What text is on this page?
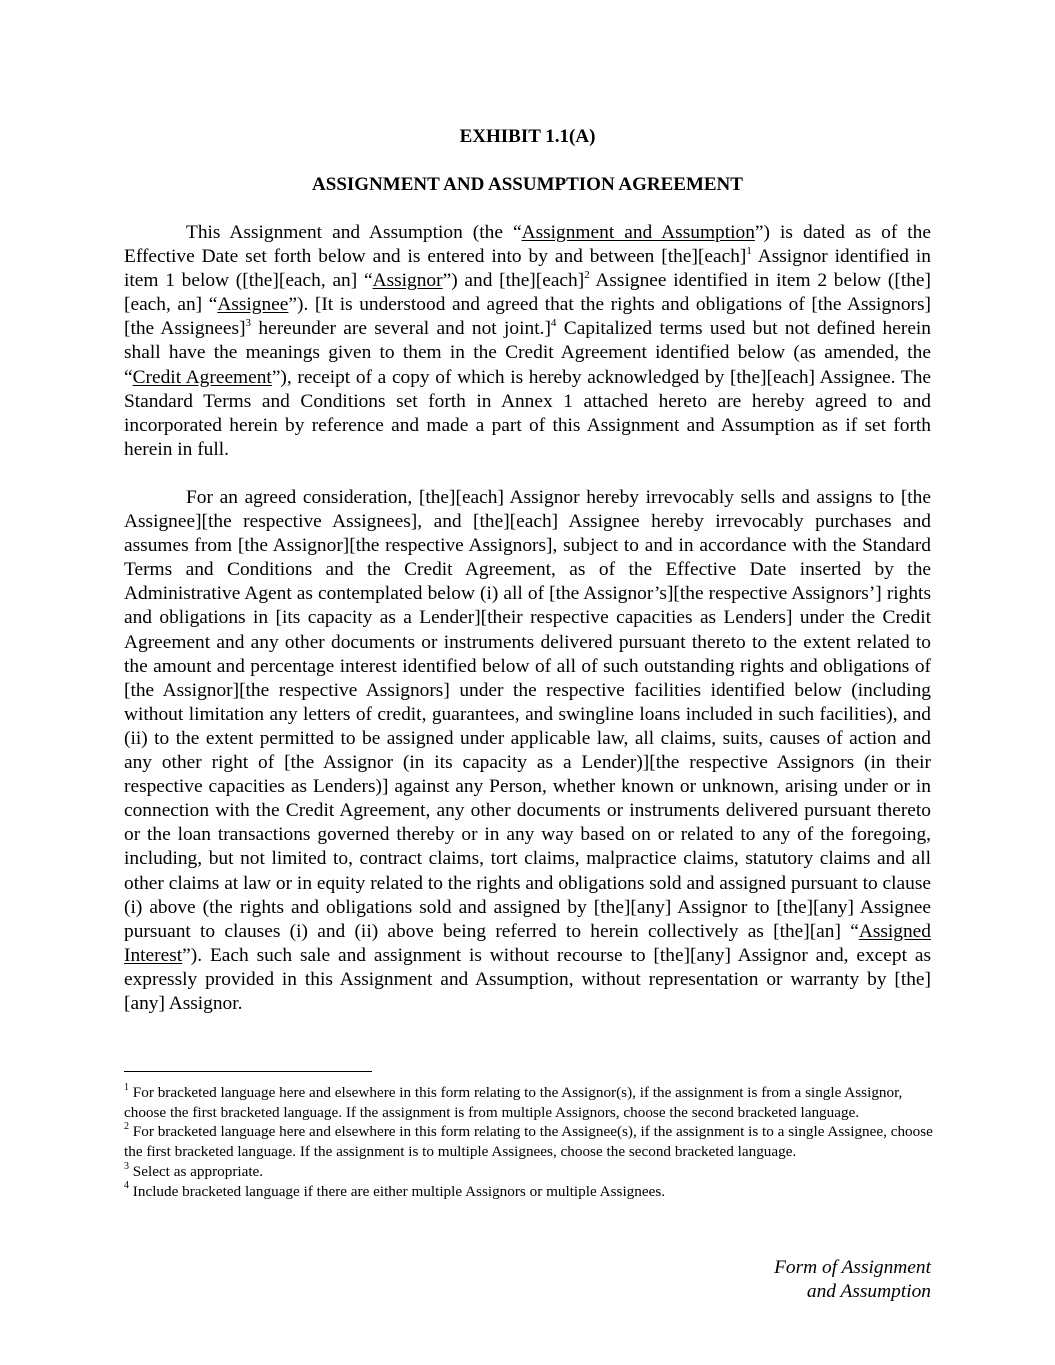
EXHIBIT 1.1(A)
ASSIGNMENT AND ASSUMPTION AGREEMENT

This Assignment and Assumption (the “Assignment and Assumption”) is dated as of the Effective Date set forth below and is entered into by and between [the][each]$^1$ Assignor identified in item 1 below ([the][each, an] “Assignor”) and [the][each]$^2$ Assignee identified in item 2 below ([the][each, an] “Assignee”). [It is understood and agreed that the rights and obligations of [the Assignors][the Assignees]$^3$ hereunder are several and not joint.]$^4$ Capitalized terms used but not defined herein shall have the meanings given to them in the Credit Agreement identified below (as amended, the “Credit Agreement”), receipt of a copy of which is hereby acknowledged by [the][each] Assignee. The Standard Terms and Conditions set forth in Annex 1 attached hereto are hereby agreed to and incorporated herein by reference and made a part of this Assignment and Assumption as if set forth herein in full.

For an agreed consideration, [the][each] Assignor hereby irrevocably sells and assigns to [the Assignee][the respective Assignees], and [the][each] Assignee hereby irrevocably purchases and assumes from [the Assignor][the respective Assignors], subject to and in accordance with the Standard Terms and Conditions and the Credit Agreement, as of the Effective Date inserted by the Administrative Agent as contemplated below (i) all of [the Assignor’s][the respective Assignors’] rights and obligations in [its capacity as a Lender][their respective capacities as Lenders] under the Credit Agreement and any other documents or instruments delivered pursuant thereto to the extent related to the amount and percentage interest identified below of all of such outstanding rights and obligations of [the Assignor][the respective Assignors] under the respective facilities identified below (including without limitation any letters of credit, guarantees, and swingline loans included in such facilities), and (ii) to the extent permitted to be assigned under applicable law, all claims, suits, causes of action and any other right of [the Assignor (in its capacity as a Lender)][the respective Assignors (in their respective capacities as Lenders)] against any Person, whether known or unknown, arising under or in connection with the Credit Agreement, any other documents or instruments delivered pursuant thereto or the loan transactions governed thereby or in any way based on or related to any of the foregoing, including, but not limited to, contract claims, tort claims, malpractice claims, statutory claims and all other claims at law or in equity related to the rights and obligations sold and assigned pursuant to clause (i) above (the rights and obligations sold and assigned by [the][any] Assignor to [the][any] Assignee pursuant to clauses (i) and (ii) above being referred to herein collectively as [the][an] “Assigned Interest”). Each such sale and assignment is without recourse to [the][any] Assignor and, except as expressly provided in this Assignment and Assumption, without representation or warranty by [the][any] Assignor.

$^1$ For bracketed language here and elsewhere in this form relating to the Assignor(s), if the assignment is from a single Assignor, choose the first bracketed language. If the assignment is from multiple Assignors, choose the second bracketed language.

$^2$ For bracketed language here and elsewhere in this form relating to the Assignee(s), if the assignment is to a single Assignee, choose the first bracketed language. If the assignment is to multiple Assignees, choose the second bracketed language.

$^3$ Select as appropriate.

$^4$ Include bracketed language if there are either multiple Assignors or multiple Assignees.

Form of Assignment
and Assumption
